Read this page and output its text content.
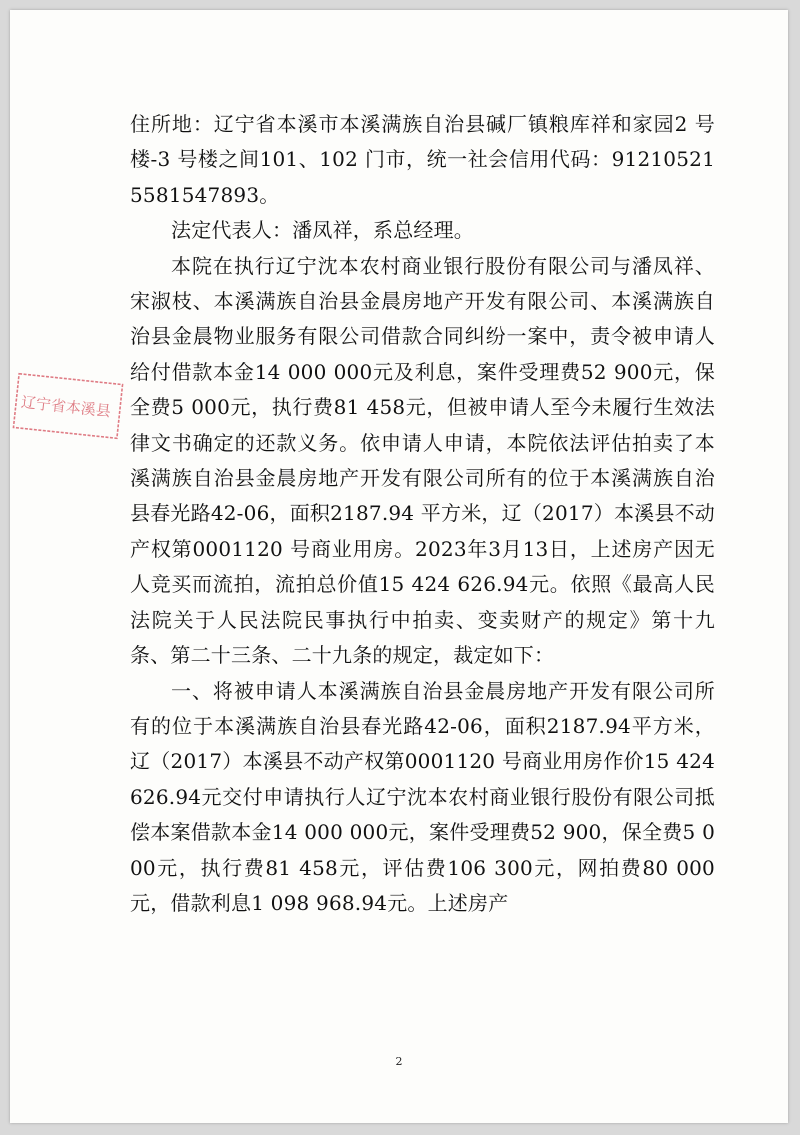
辽宁省本溪县

住所地：辽宁省本溪市本溪满族自治县碱厂镇粮库祥和家园2 号楼-3 号楼之间101、102 门市，统一社会信用代码：912105215581547893。

法定代表人：潘凤祥，系总经理。

本院在执行辽宁沈本农村商业银行股份有限公司与潘凤祥、宋淑枝、本溪满族自治县金晨房地产开发有限公司、本溪满族自治县金晨物业服务有限公司借款合同纠纷一案中，责令被申请人给付借款本金14 000 000元及利息，案件受理费52 900元，保全费5 000元，执行费81 458元，但被申请人至今未履行生效法律文书确定的还款义务。依申请人申请，本院依法评估拍卖了本溪满族自治县金晨房地产开发有限公司所有的位于本溪满族自治县春光路42-06，面积2187.94 平方米，辽（2017）本溪县不动产权第0001120 号商业用房。2023年3月13日，上述房产因无人竞买而流拍，流拍总价值15 424 626.94元。依照《最高人民法院关于人民法院民事执行中拍卖、变卖财产的规定》第十九条、第二十三条、二十九条的规定，裁定如下：

一、将被申请人本溪满族自治县金晨房地产开发有限公司所有的位于本溪满族自治县春光路42-06，面积2187.94平方米，辽（2017）本溪县不动产权第0001120 号商业用房作价15 424 626.94元交付申请执行人辽宁沈本农村商业银行股份有限公司抵偿本案借款本金14 000 000元，案件受理费52 900，保全费5 000元，执行费81 458元，评估费106 300元，网拍费80 000元，借款利息1 098 968.94元。上述房产

2
